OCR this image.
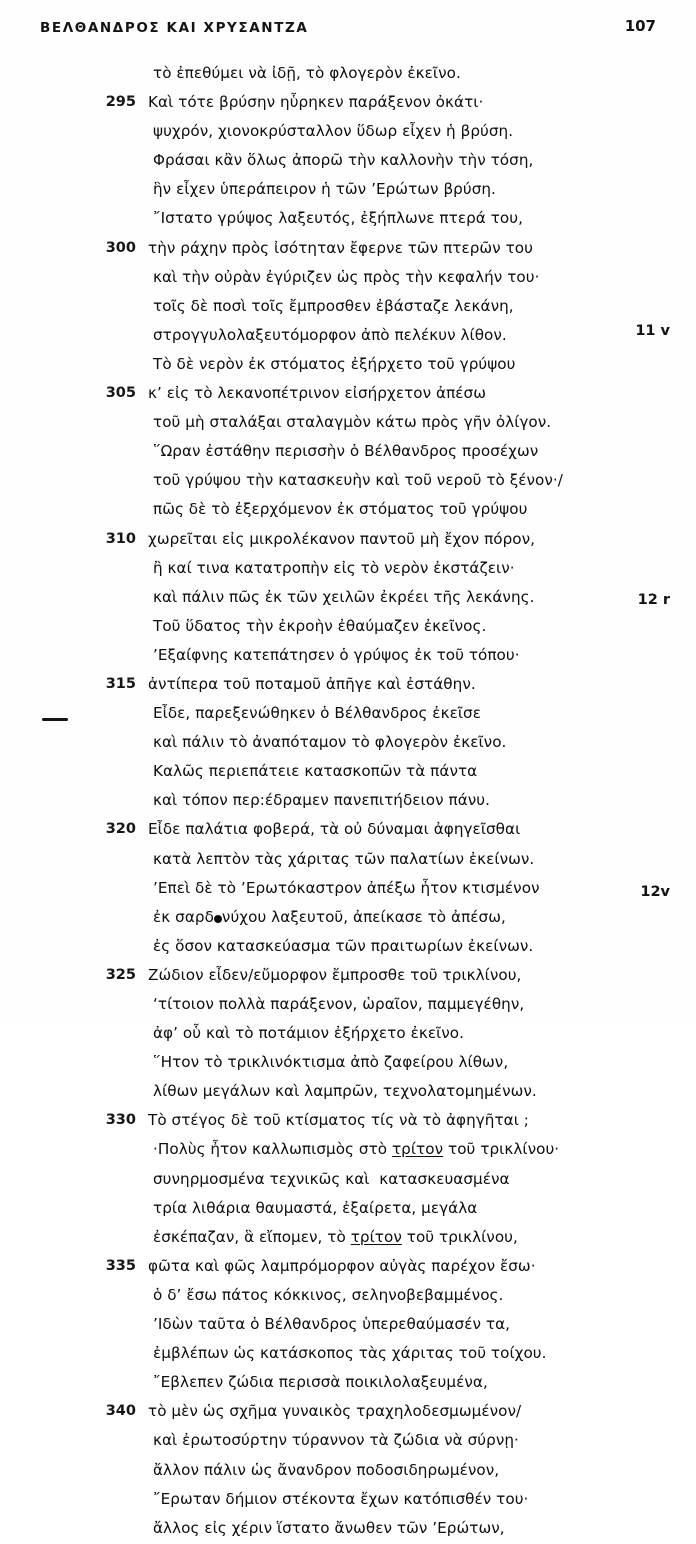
ΒΕΛΘΑΝΔΡΟΣ ΚΑΙ ΧΡΥΣΑΝΤΖΑ	107
τὸ ἐπεθύμει νὰ ἰδῇ, τὸ φλογερὸν ἐκεῖνο.
295 Καὶ τότε βρύσην ηὗρηκεν παράξενον ὀκάτι·
ψυχρόν, χιονοκρύσταλλον ὕδωρ εἶχεν ἡ βρύση.
Φράσαι κἂν ὅλως ἀπορῶ τὴν καλλονὴν τὴν τόση,
ἣν εἶχεν ὑπεράπειρον ἡ τῶν ’Ερώτων βρύση.
῎Ιστατο γρύψος λαξευτός, ἐξήπλωνε πτερά του,
300 τὴν ράχην πρὸς ἰσότηταν ἔφερνε τῶν πτερῶν του
καὶ τὴν οὐρὰν ἐγύριζεν ὡς πρὸς τὴν κεφαλήν του·
τοῖς δὲ ποσὶ τοῖς ἔμπροσθεν ἐβάσταζε λεκάνη,
στρογγυλολαξευτόμορφον ἀπὸ πελέκυν λίθον.
Τὸ δὲ νερὸν ἐκ στόματος ἐξήρχετο τοῦ γρύψου
305 κ’ εἰς τὸ λεκανοπέτρινον εἰσήρχετον ἀπέσω
τοῦ μὴ σταλάξαι σταλαγμὸν κάτω πρὸς γῆν ὀλίγον.
῞Ωραν ἐστάθην περισσὴν ὁ Βέλθανδρος προσέχων
τοῦ γρύψου τὴν κατασκευὴν καὶ τοῦ νεροῦ τὸ ξένον·/
πῶς δὲ τὸ ἐξερχόμενον ἐκ στόματος τοῦ γρύψου
310 χωρεῖται εἰς μικρολέκανον παντοῦ μὴ ἔχον πόρον,
ἢ καί τινα κατατροπὴν εἰς τὸ νερὸν ἐκστάζειν·
καὶ πάλιν πῶς ἐκ τῶν χειλῶν ἐκρέει τῆς λεκάνης.
Τοῦ ὕδατος τὴν ἐκροὴν ἐθαύμαζεν ἐκεῖνος.
’Εξαίφνης κατεπάτησεν ὁ γρύψος ἐκ τοῦ τόπου·
315 ἀντίπερα τοῦ ποταμοῦ ἀπῆγε καὶ ἐστάθην.
Εἶδε, παρεξενώθηκεν ὁ Βέλθανδρος ἐκεῖσε
καὶ πάλιν τὸ ἀναπόταμον τὸ φλογερὸν ἐκεῖνο.
Καλῶς περιεπάτειε κατασκοπῶν τὰ πάντα
καὶ τόπον περ:έδραμεν πανεπιτήδειον πάνυ.
320 Εἶδε παλάτια φοβερά, τὰ οὐ δύναμαι ἀφηγεῖσθαι
κατὰ λεπτὸν τὰς χάριτας τῶν παλατίων ἐκείνων.
’Επεὶ δὲ τὸ ’Ερωτόκαστρον ἀπέξω ἦτον κτισμένον
ἐκ σαρδ νύχου λαξευτοῦ, ἀπείκασε τὸ ἀπέσω,
ἐς ὅσον κατασκεύασμα τῶν πραιτωρίων ἐκείνων.
325 Ζώδιον εἶδεν/εὔμορφον ἔμπροσθε τοῦ τρικλίνου,
‘τίτοιον πολλὰ παράξενον, ὡραῖον, παμμεγέθην,
ἀφ’ οὗ καὶ τὸ ποτάμιον ἐξήρχετο ἐκεῖνο.
῞Ητον τὸ τρικλινόκτισμα ἀπὸ ζαφείρου λίθων,
λίθων μεγάλων καὶ λαμπρῶν, τεχνολατομημένων.
330 Τὸ στέγος δὲ τοῦ κτίσματος τίς νὰ τὸ ἀφηγῆται ;
·Πολὺς ἦτον καλλωπισμὸς στὸ τρίτον τοῦ τρικλίνου·
συνηρμοσμένα τεχνικῶς καὶ  κατασκευασμένα
τρία λιθάρια θαυμαστά, ἐξαίρετα, μεγάλα
ἐσκέπαζαν, ἃ εἴπομεν, τὸ τρίτον τοῦ τρικλίνου,
335 φῶτα καὶ φῶς λαμπρόμορφον αὐγὰς παρέχον ἔσω·
ὁ δ’ ἔσω πάτος κόκκινος, σεληνοβεβαμμένος.
’Ιδὼν ταῦτα ὁ Βέλθανδρος ὑπερεθαύμασέν τα,
ἐμβλέπων ὡς κατάσκοπος τὰς χάριτας τοῦ τοίχου.
῎Εβλεπεν ζώδια περισσὰ ποικιλολαξευμένα,
340 τὸ μὲν ὡς σχῆμα γυναικὸς τραχηλοδεσμωμένον/
καὶ ἐρωτοσύρτην τύραννον τὰ ζώδια νὰ σύρνῃ·
ἄλλον πάλιν ὡς ἄνανδρον ποδοσιδηρωμένον,
῎Ερωταν δήμιον στέκοντα ἔχων κατόπισθέν του·
ἄλλος εἰς χέριν ἵστατο ἄνωθεν τῶν ’Ερώτων,
11 v
12 r
12v
